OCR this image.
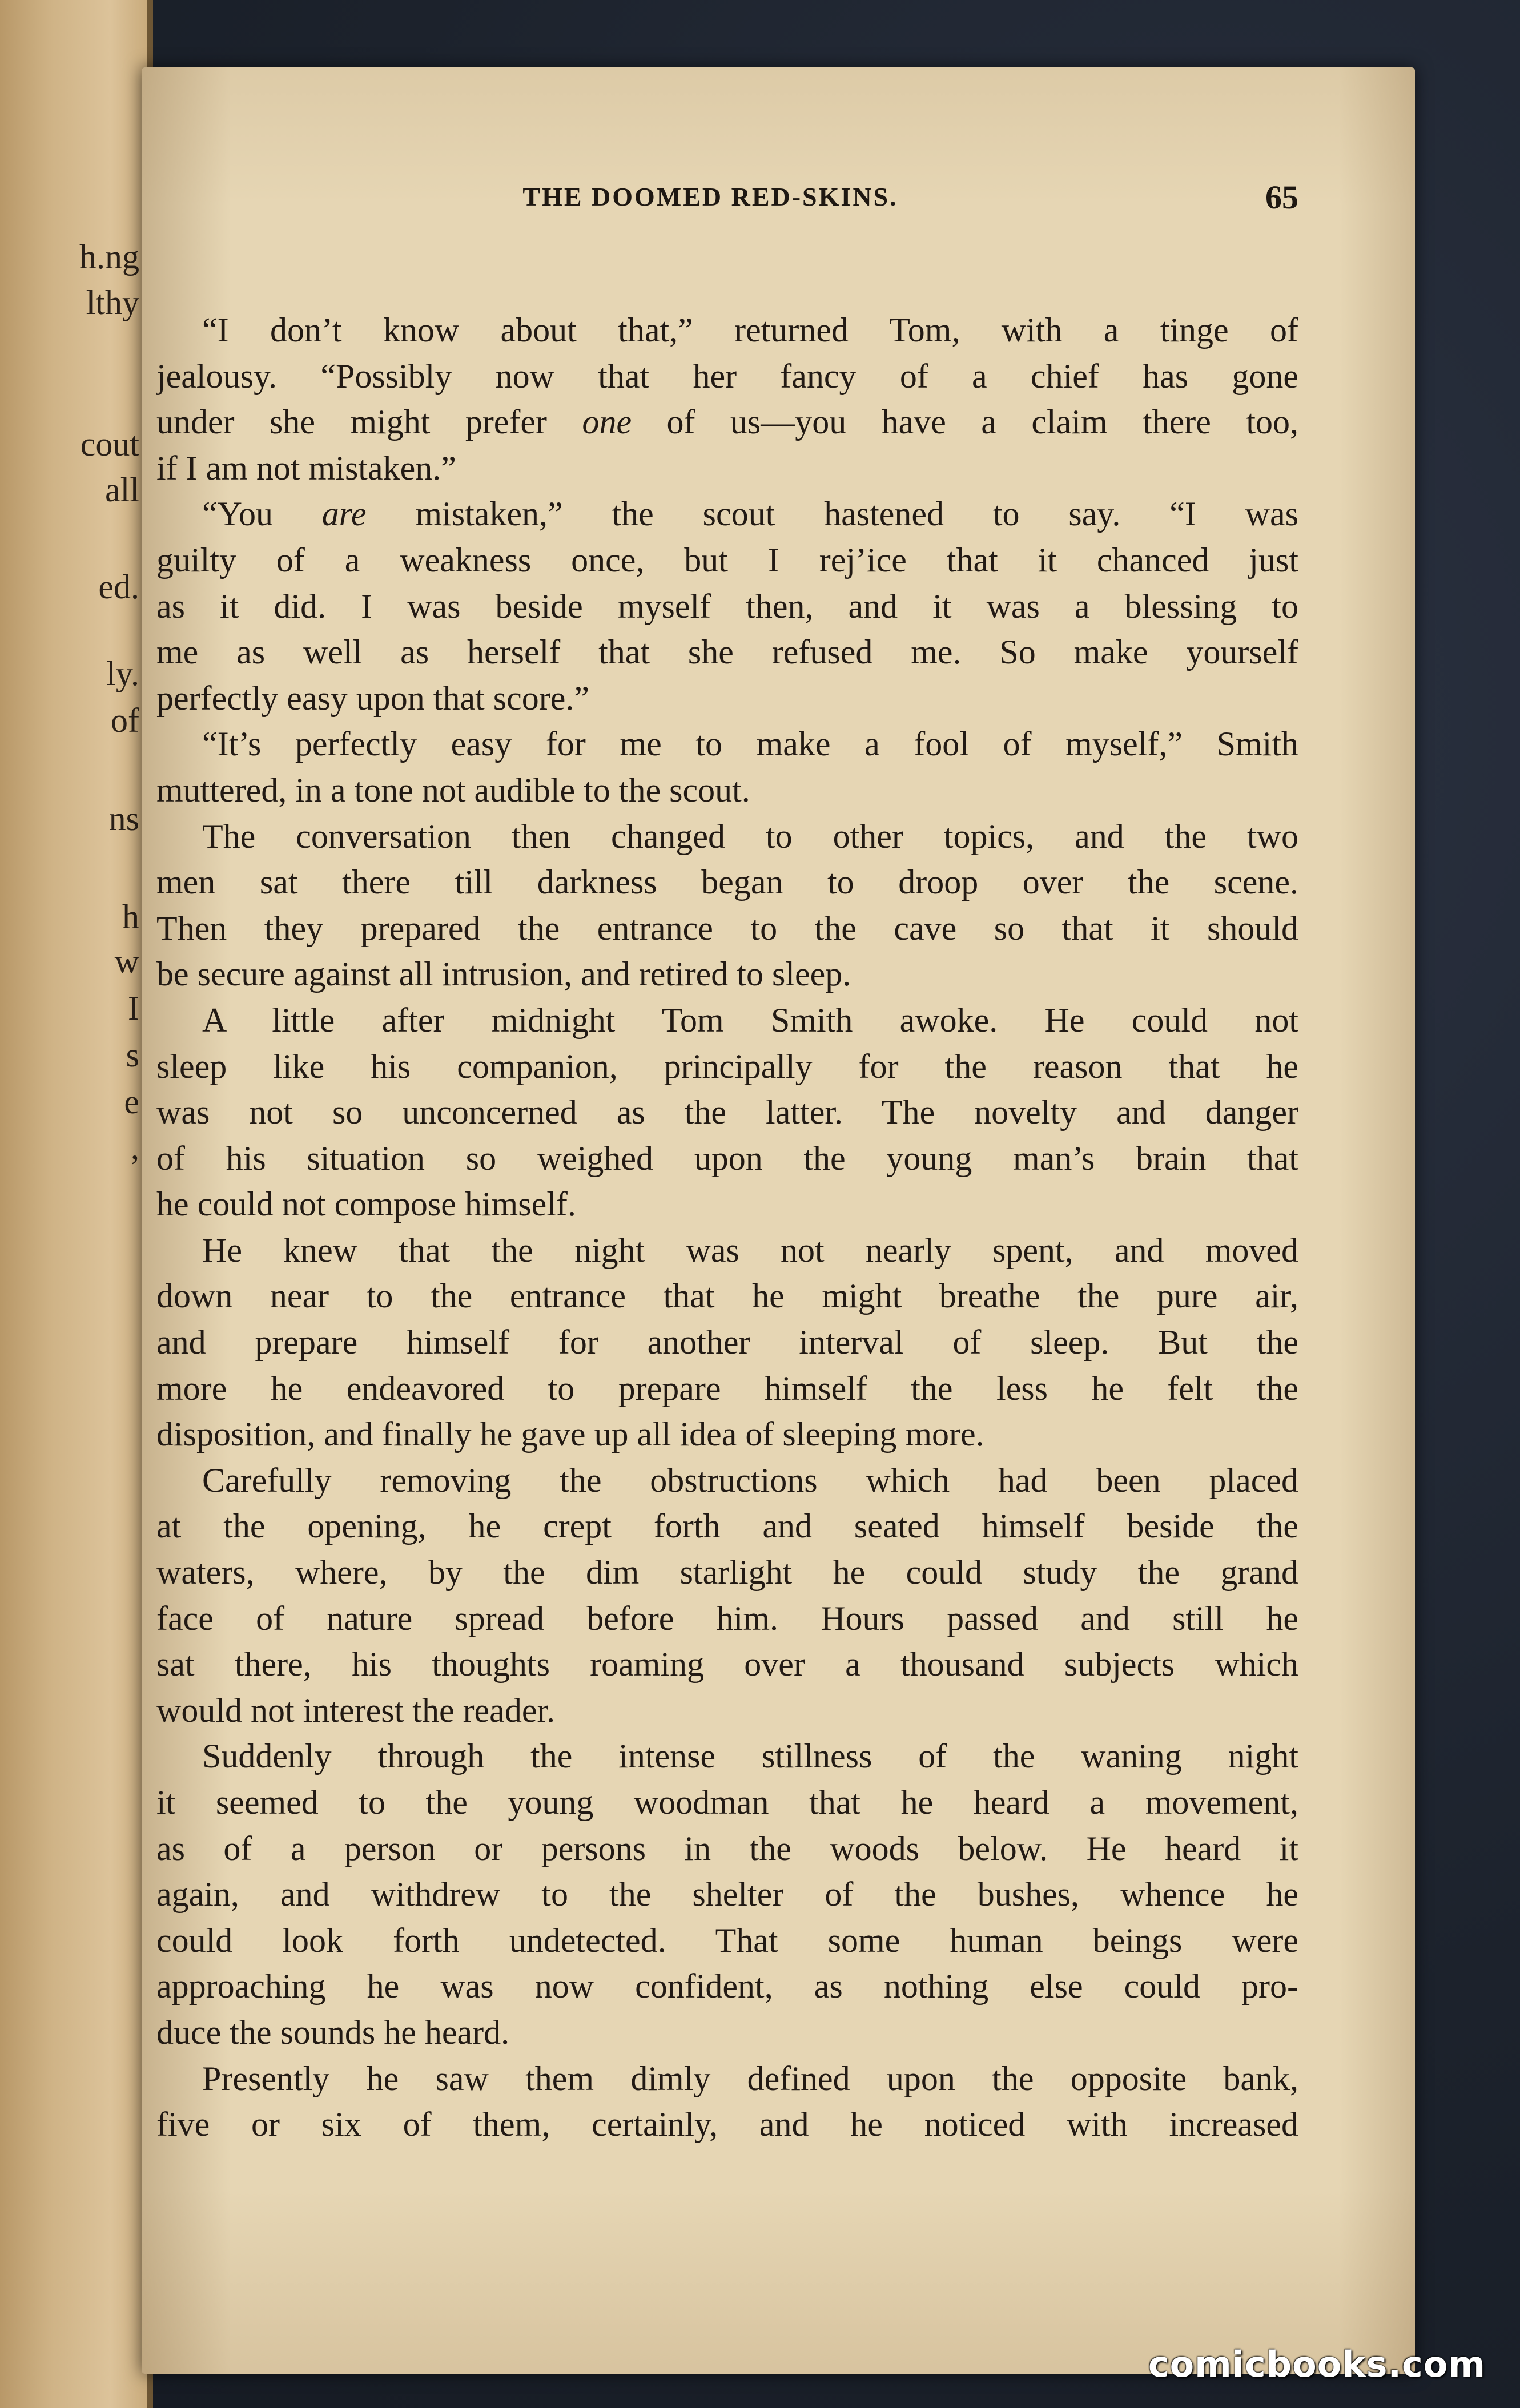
h.ng
lthy
cout
all
ed.
ly.
of
ns
h
w
I
s
e
,
THE DOOMED RED-SKINS.	65
“I don’t know about that,” returned Tom, with a tinge of
jealousy. “Possibly now that her fancy of a chief has gone
under she might prefer one of us—you have a claim there too,
if I am not mistaken.”
“You are mistaken,” the scout hastened to say. “I was
guilty of a weakness once, but I rej’ice that it chanced just
as it did. I was beside myself then, and it was a blessing to
me as well as herself that she refused me. So make yourself
perfectly easy upon that score.”
“It’s perfectly easy for me to make a fool of myself,” Smith
muttered, in a tone not audible to the scout.
The conversation then changed to other topics, and the two
men sat there till darkness began to droop over the scene.
Then they prepared the entrance to the cave so that it should
be secure against all intrusion, and retired to sleep.
A little after midnight Tom Smith awoke. He could not
sleep like his companion, principally for the reason that he
was not so unconcerned as the latter. The novelty and danger
of his situation so weighed upon the young man’s brain that
he could not compose himself.
He knew that the night was not nearly spent, and moved
down near to the entrance that he might breathe the pure air,
and prepare himself for another interval of sleep. But the
more he endeavored to prepare himself the less he felt the
disposition, and finally he gave up all idea of sleeping more.
Carefully removing the obstructions which had been placed
at the opening, he crept forth and seated himself beside the
waters, where, by the dim starlight he could study the grand
face of nature spread before him. Hours passed and still he
sat there, his thoughts roaming over a thousand subjects which
would not interest the reader.
Suddenly through the intense stillness of the waning night
it seemed to the young woodman that he heard a movement,
as of a person or persons in the woods below. He heard it
again, and withdrew to the shelter of the bushes, whence he
could look forth undetected. That some human beings were
approaching he was now confident, as nothing else could pro-
duce the sounds he heard.
Presently he saw them dimly defined upon the opposite bank,
five or six of them, certainly, and he noticed with increased
comicbooks.com
